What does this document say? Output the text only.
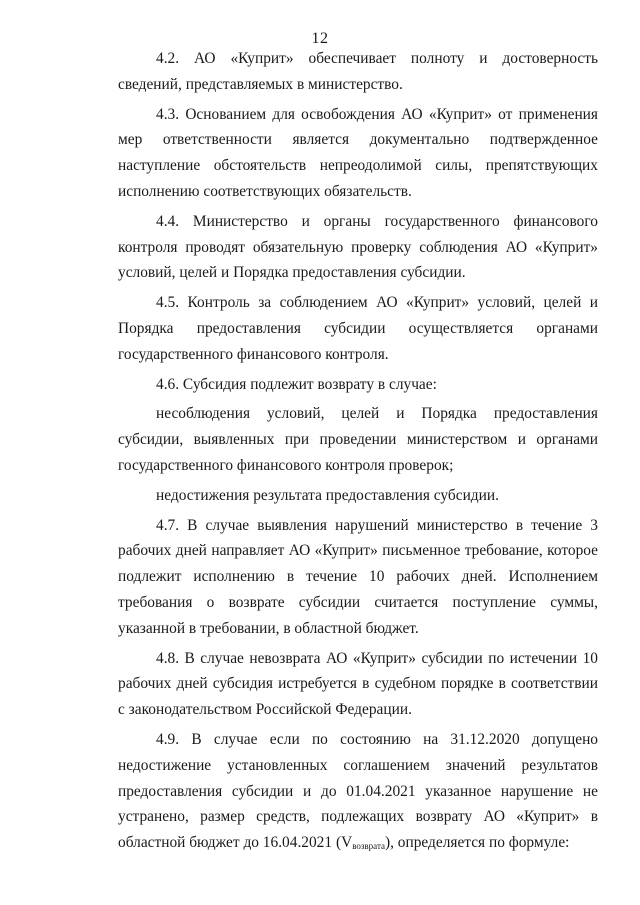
12

4.2. АО «Куприт» обеспечивает полноту и достоверность сведений, представляемых в министерство.

4.3. Основанием для освобождения АО «Куприт» от применения мер ответственности является документально подтвержденное наступление обстоятельств непреодолимой силы, препятствующих исполнению соответствующих обязательств.

4.4. Министерство и органы государственного финансового контроля проводят обязательную проверку соблюдения АО «Куприт» условий, целей и Порядка предоставления субсидии.

4.5. Контроль за соблюдением АО «Куприт» условий, целей и Порядка предоставления субсидии осуществляется органами государственного финансового контроля.

4.6. Субсидия подлежит возврату в случае:

несоблюдения условий, целей и Порядка предоставления субсидии, выявленных при проведении министерством и органами государственного финансового контроля проверок;

недостижения результата предоставления субсидии.

4.7. В случае выявления нарушений министерство в течение 3 рабочих дней направляет АО «Куприт» письменное требование, которое подлежит исполнению в течение 10 рабочих дней. Исполнением требования о возврате субсидии считается поступление суммы, указанной в требовании, в областной бюджет.

4.8. В случае невозврата АО «Куприт» субсидии по истечении 10 рабочих дней субсидия истребуется в судебном порядке в соответствии с законодательством Российской Федерации.

4.9. В случае если по состоянию на 31.12.2020 допущено недостижение установленных соглашением значений результатов предоставления субсидии и до 01.04.2021 указанное нарушение не устранено, размер средств, подлежащих возврату АО «Куприт» в областной бюджет до 16.04.2021 $(V_{возврата})$, определяется по формуле:
